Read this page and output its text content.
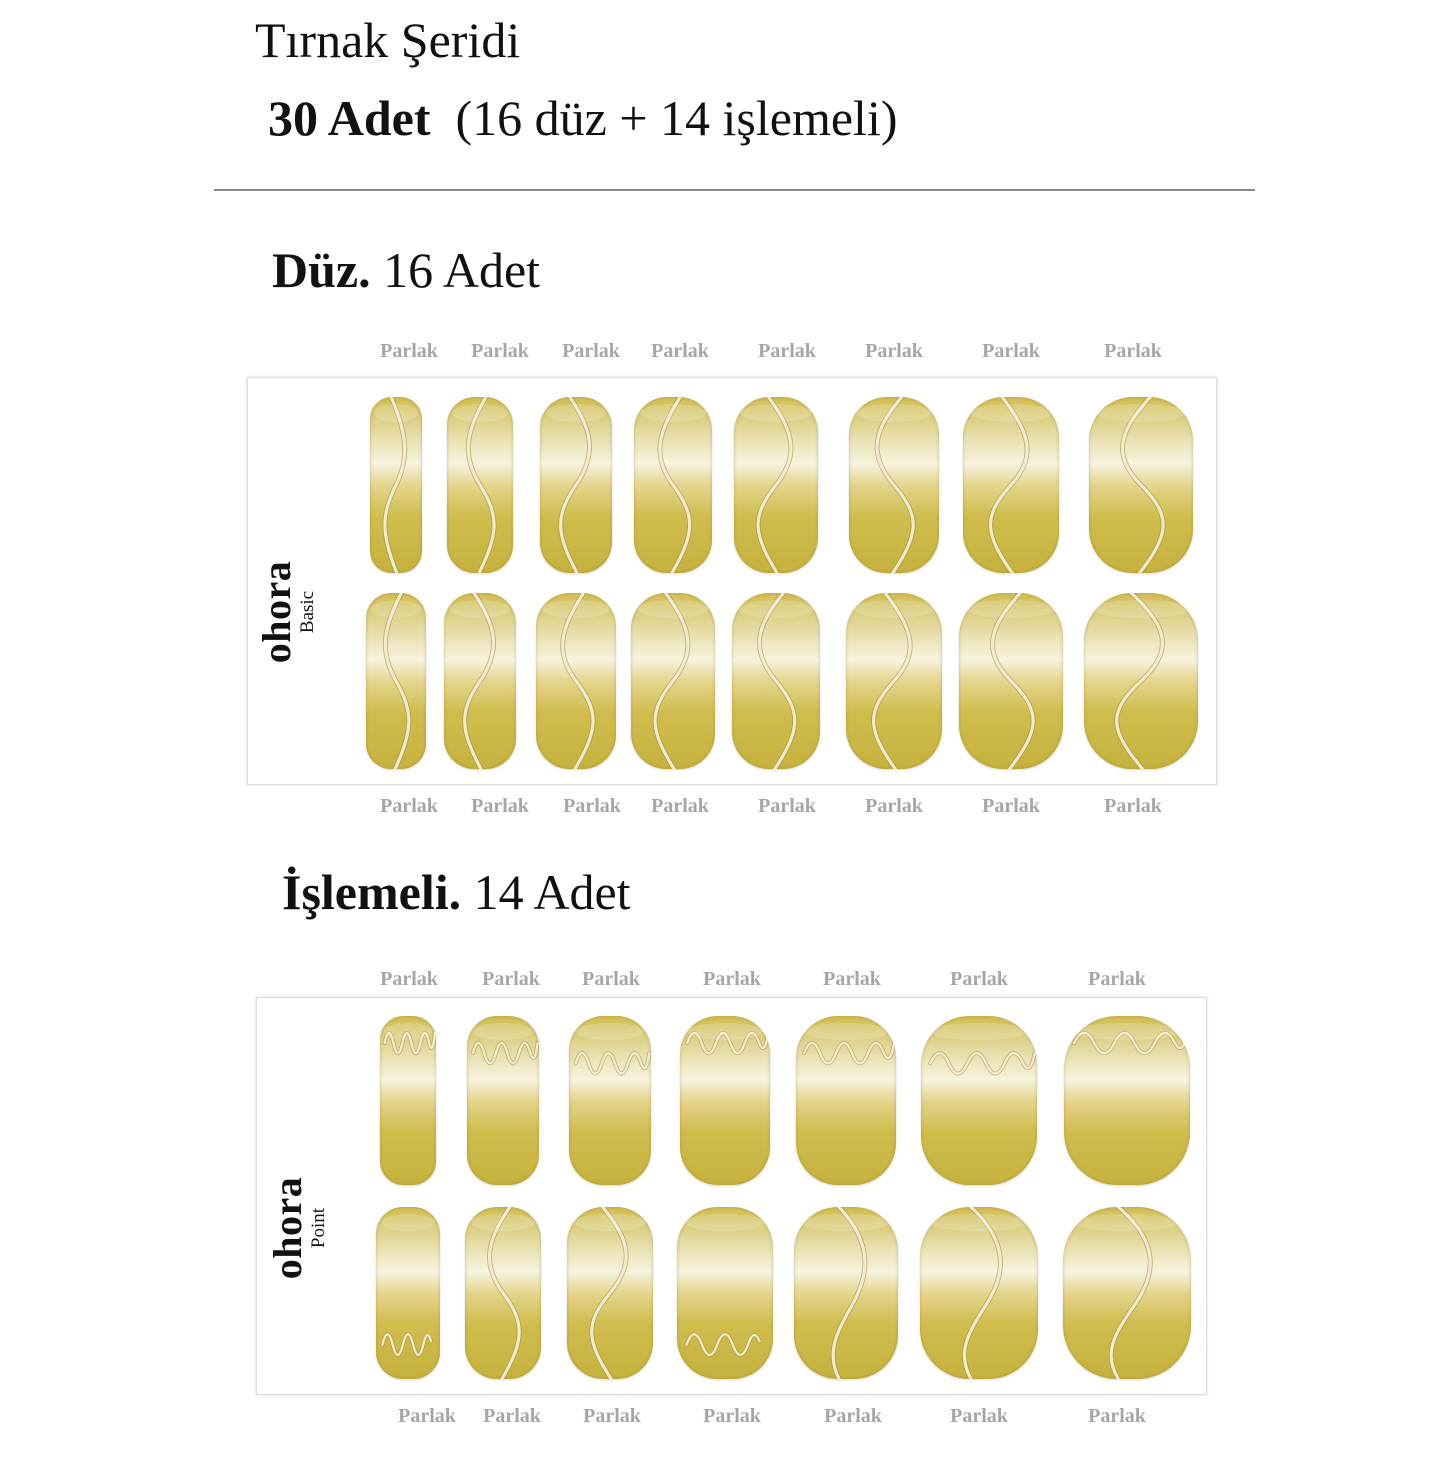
Tırnak Şeridi
30 Adet (16 düz + 14 işlemeli)
Düz. 16 Adet
ohora
Basic
İşlemeli. 14 Adet
ohora
Point
Parlak Parlak Parlak Parlak Parlak Parlak	Parlak	Parlak
Parlak Parlak Parlak Parlak Parlak Parlak	Parlak	Parlak
Parlak Parlak Parlak	Parlak	Parlak	Parlak	Parlak
Parlak Parlak Parlak	Parlak	Parlak	Parlak	Parlak
